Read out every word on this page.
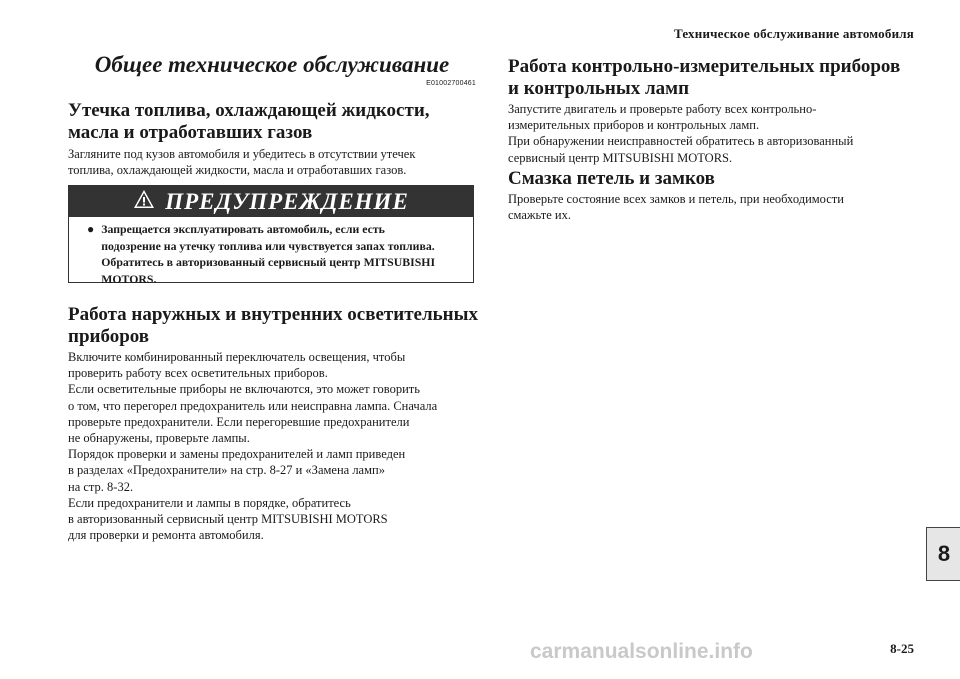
Техническое обслуживание автомобиля
8
8-25
Общее техническое обслуживание
E01002700461
Утечка топлива, охлаждающей жидкости, масла и отработавших газов

Загляните под кузов автомобиля и убедитесь в отсутствии утечек
топлива, охлаждающей жидкости, масла и отработавших газов.

ПРЕДУПРЕЖДЕНИЕ
● Запрещается эксплуатировать автомобиль, если есть
подозрение на утечку топлива или чувствуется запах топлива.
Обратитесь в авторизованный сервисный центр MITSUBISHI
MOTORS.
Работа наружных и внутренних осветительных приборов

Включите комбинированный переключатель освещения, чтобы
проверить работу всех осветительных приборов.
Если осветительные приборы не включаются, это может говорить
о том, что перегорел предохранитель или неисправна лампа. Сначала
проверьте предохранители. Если перегоревшие предохранители
не обнаружены, проверьте лампы.
Порядок проверки и замены предохранителей и ламп приведен
в разделах «Предохранители» на стр. 8-27 и «Замена ламп»
на стр. 8-32.
Если предохранители и лампы в порядке, обратитесь
в авторизованный сервисный центр MITSUBISHI MOTORS
для проверки и ремонта автомобиля.

Работа контрольно-измерительных приборов и контрольных ламп

Запустите двигатель и проверьте работу всех контрольно-
измерительных приборов и контрольных ламп.
При обнаружении неисправностей обратитесь в авторизованный
сервисный центр MITSUBISHI MOTORS.

Смазка петель и замков

Проверьте состояние всех замков и петель, при необходимости
смажьте их.

carmanualsonline.info
